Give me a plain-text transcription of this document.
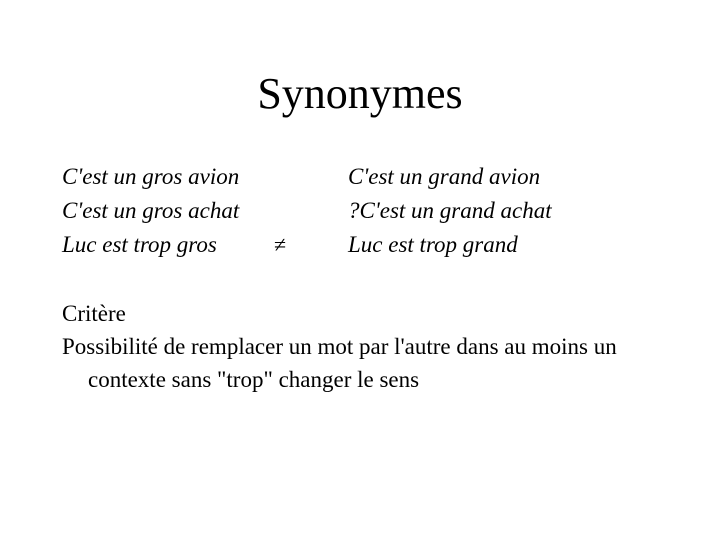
Synonymes
C'est un gros avion
C'est un gros achat
Luc est trop gros	≠
C'est un grand avion
?C'est un grand achat
Luc est trop grand
Critère
Possibilité de remplacer un mot par l'autre dans au moins un contexte sans "trop" changer le sens
